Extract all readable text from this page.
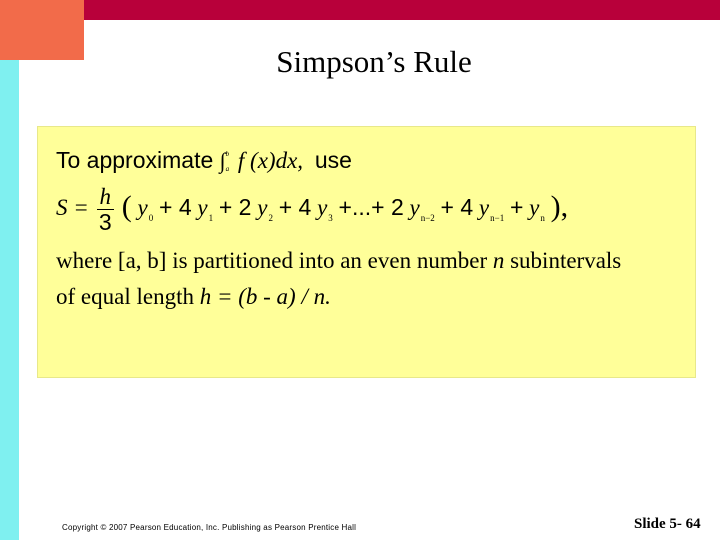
Simpson’s Rule
To approximate ∫ b
a f (x)dx, use
$S = \frac{h}{3}$ ( $y_0 + 4$ $y_1 + 2$ $y_2 + 4$ $y_3$ +...+ 2 $y_{n-2} + 4$ $y_{n-1} + y_n$ ),
where [a, b] is partitioned into an even number n subintervals
of equal length h = (b - a) / n.
Copyright © 2007 Pearson Education, Inc. Publishing as Pearson Prentice Hall	Slide 5- 64
